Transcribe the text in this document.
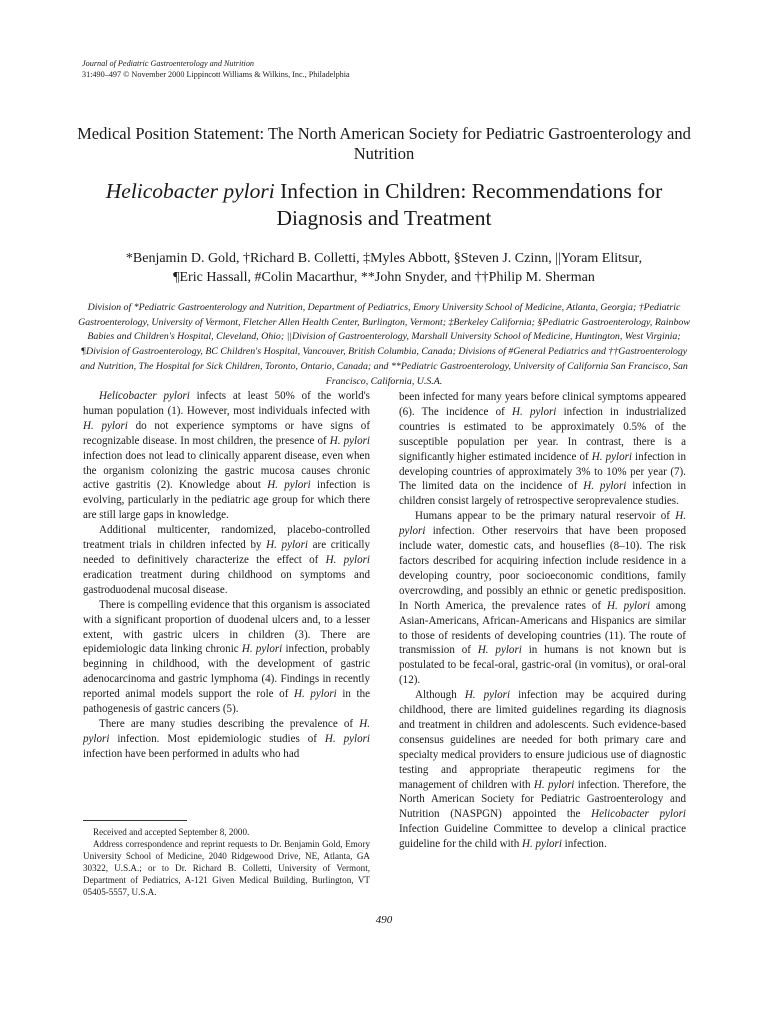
Journal of Pediatric Gastroenterology and Nutrition
31:490–497 © November 2000 Lippincott Williams & Wilkins, Inc., Philadelphia
Medical Position Statement: The North American Society for Pediatric Gastroenterology and Nutrition
Helicobacter pylori Infection in Children: Recommendations for
Diagnosis and Treatment
*Benjamin D. Gold, †Richard B. Colletti, ‡Myles Abbott, §Steven J. Czinn, ||Yoram Elitsur,
¶Eric Hassall, #Colin Macarthur, **John Snyder, and ††Philip M. Sherman
Division of *Pediatric Gastroenterology and Nutrition, Department of Pediatrics, Emory University School of Medicine, Atlanta, Georgia; †Pediatric Gastroenterology, University of Vermont, Fletcher Allen Health Center, Burlington, Vermont; ‡Berkeley California; §Pediatric Gastroenterology, Rainbow Babies and Children's Hospital, Cleveland, Ohio; ||Division of Gastroenterology, Marshall University School of Medicine, Huntington, West Virginia; ¶Division of Gastroenterology, BC Children's Hospital, Vancouver, British Columbia, Canada; Divisions of #General Pediatrics and ††Gastroenterology and Nutrition, The Hospital for Sick Children, Toronto, Ontario, Canada; and **Pediatric Gastroenterology, University of California San Francisco, San Francisco, California, U.S.A.

Helicobacter pylori infects at least 50% of the world's human population (1). However, most individuals infected with H. pylori do not experience symptoms or have signs of recognizable disease. In most children, the presence of H. pylori infection does not lead to clinically apparent disease, even when the organism colonizing the gastric mucosa causes chronic active gastritis (2). Knowledge about H. pylori infection is evolving, particularly in the pediatric age group for which there are still large gaps in knowledge.

Additional multicenter, randomized, placebo-controlled treatment trials in children infected by H. pylori are critically needed to definitively characterize the effect of H. pylori eradication treatment during childhood on symptoms and gastroduodenal mucosal disease.

There is compelling evidence that this organism is associated with a significant proportion of duodenal ulcers and, to a lesser extent, with gastric ulcers in children (3). There are epidemiologic data linking chronic H. pylori infection, probably beginning in childhood, with the development of gastric adenocarcinoma and gastric lymphoma (4). Findings in recently reported animal models support the role of H. pylori in the pathogenesis of gastric cancers (5).

There are many studies describing the prevalence of H. pylori infection. Most epidemiologic studies of H. pylori infection have been performed in adults who had

been infected for many years before clinical symptoms appeared (6). The incidence of H. pylori infection in industrialized countries is estimated to be approximately 0.5% of the susceptible population per year. In contrast, there is a significantly higher estimated incidence of H. pylori infection in developing countries of approximately 3% to 10% per year (7). The limited data on the incidence of H. pylori infection in children consist largely of retrospective seroprevalence studies.

Humans appear to be the primary natural reservoir of H. pylori infection. Other reservoirs that have been proposed include water, domestic cats, and houseflies (8–10). The risk factors described for acquiring infection include residence in a developing country, poor socioeconomic conditions, family overcrowding, and possibly an ethnic or genetic predisposition. In North America, the prevalence rates of H. pylori among Asian-Americans, African-Americans and Hispanics are similar to those of residents of developing countries (11). The route of transmission of H. pylori in humans is not known but is postulated to be fecal-oral, gastric-oral (in vomitus), or oral-oral (12).

Although H. pylori infection may be acquired during childhood, there are limited guidelines regarding its diagnosis and treatment in children and adolescents. Such evidence-based consensus guidelines are needed for both primary care and specialty medical providers to ensure judicious use of diagnostic testing and appropriate therapeutic regimens for the management of children with H. pylori infection. Therefore, the North American Society for Pediatric Gastroenterology and Nutrition (NASPGN) appointed the Helicobacter pylori Infection Guideline Committee to develop a clinical practice guideline for the child with H. pylori infection.

Received and accepted September 8, 2000.

Address correspondence and reprint requests to Dr. Benjamin Gold, Emory University School of Medicine, 2040 Ridgewood Drive, NE, Atlanta, GA 30322, U.S.A.; or to Dr. Richard B. Colletti, University of Vermont, Department of Pediatrics, A-121 Given Medical Building, Burlington, VT 05405-5557, U.S.A.

490
